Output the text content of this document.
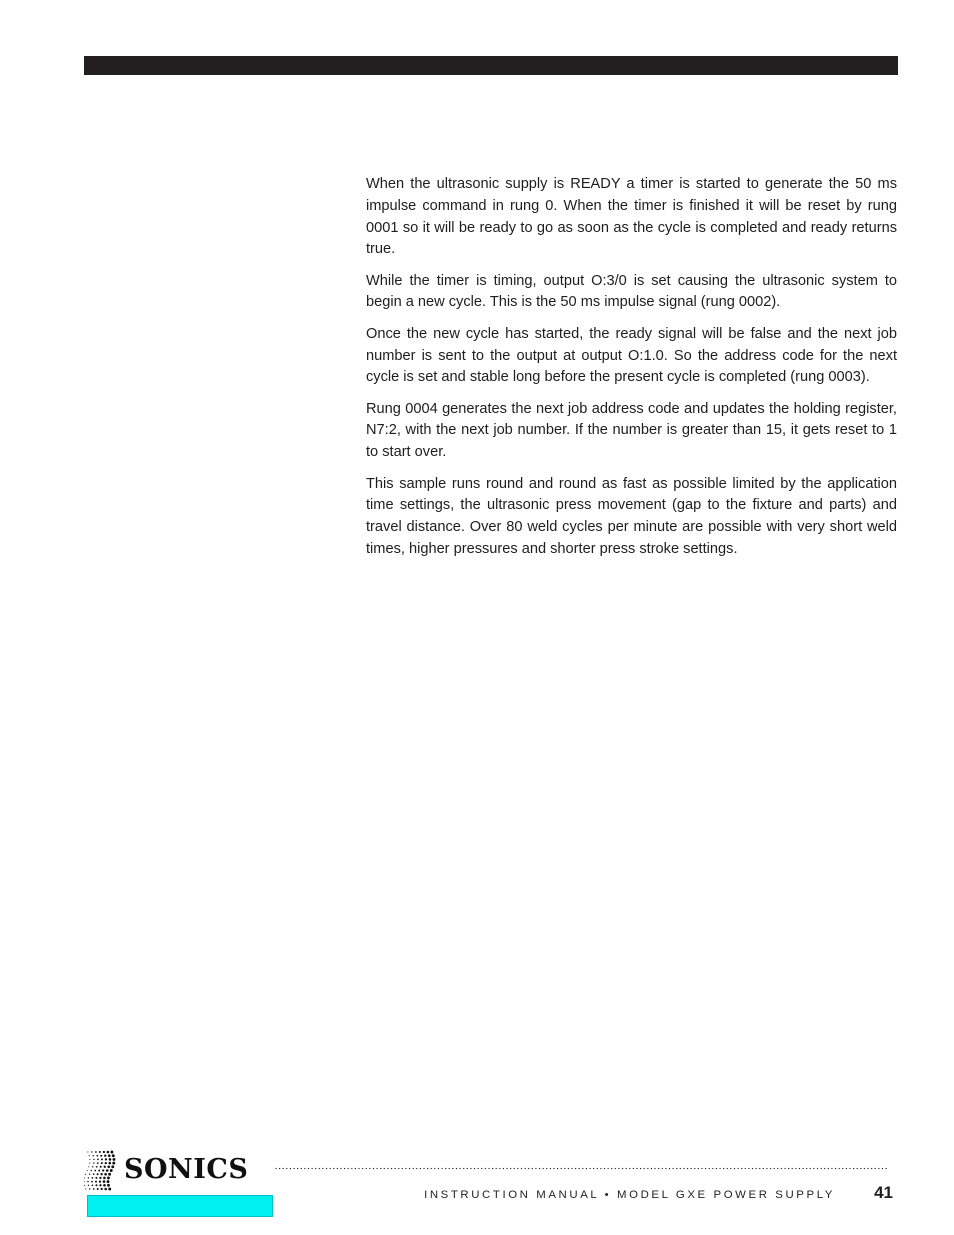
When the ultrasonic supply is READY a timer is started to generate the 50 ms impulse command in rung 0. When the timer is finished it will be reset by rung 0001 so it will be ready to go as soon as the cycle is completed and ready returns true.

While the timer is timing, output O:3/0 is set causing the ultrasonic system to begin a new cycle. This is the 50 ms impulse signal (rung 0002).

Once the new cycle has started, the ready signal will be false and the next job number is sent to the output at output O:1.0. So the address code for the next cycle is set and stable long before the present cycle is completed (rung 0003).

Rung 0004 generates the next job address code and updates the holding register, N7:2, with the next job number. If the number is greater than 15, it gets reset to 1 to start over.

This sample runs round and round as fast as possible limited by the application time settings, the ultrasonic press movement (gap to the fixture and parts) and travel distance. Over 80 weld cycles per minute are possible with very short weld times, higher pressures and shorter press stroke settings.

SONICS
INSTRUCTION MANUAL • MODEL GXE POWER SUPPLY 41
